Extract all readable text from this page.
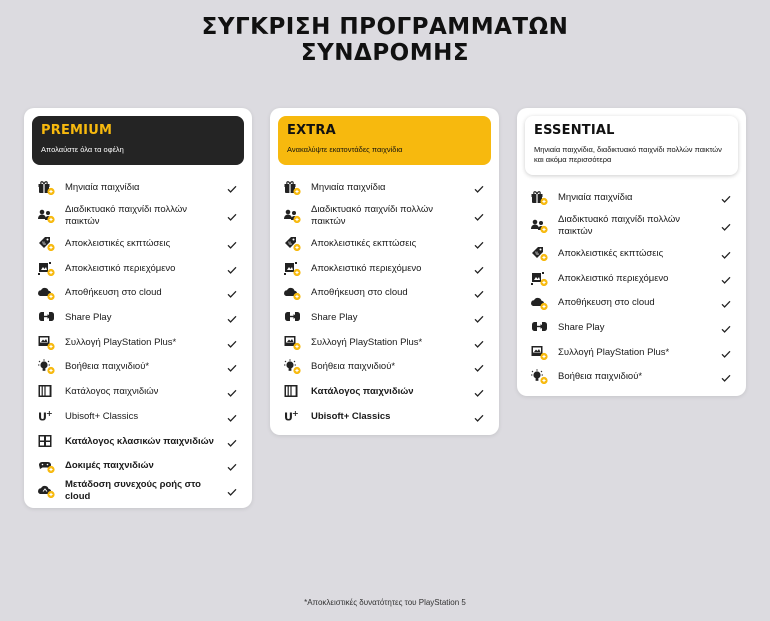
ΣΥΓΚΡΙΣΗ ΠΡΟΓΡΑΜΜΑΤΩΝ
ΣΥΝΔΡΟΜΗΣ
PREMIUM
Απολαύστε όλα τα οφέλη
Μηνιαία παιχνίδια
Διαδικτυακό παιχνίδι πολλών παικτών
% Αποκλειστικές εκπτώσεις
Αποκλειστικό περιεχόμενο
Αποθήκευση στο cloud
Share Play
Συλλογή PlayStation Plus*
Βοήθεια παιχνιδιού*
Κατάλογος παιχνιδιών
U + Ubisoft+ Classics
Κατάλογος κλασικών παιχνιδιών
Δοκιμές παιχνιδιών
Μετάδοση συνεχούς ροής στο cloud
EXTRA
Ανακαλύψτε εκατοντάδες παιχνίδια
Μηνιαία παιχνίδια
Διαδικτυακό παιχνίδι πολλών παικτών
% Αποκλειστικές εκπτώσεις
Αποκλειστικό περιεχόμενο
Αποθήκευση στο cloud
Share Play
Συλλογή PlayStation Plus*
Βοήθεια παιχνιδιού*
Κατάλογος παιχνιδιών
U + Ubisoft+ Classics
ESSENTIAL
Μηνιαία παιχνίδια, διαδικτυακό παιχνίδι πολλών παικτών και ακόμα περισσότερα
Μηνιαία παιχνίδια
Διαδικτυακό παιχνίδι πολλών παικτών
% Αποκλειστικές εκπτώσεις
Αποκλειστικό περιεχόμενο
Αποθήκευση στο cloud
Share Play
Συλλογή PlayStation Plus*
Βοήθεια παιχνιδιού*
*Αποκλειστικές δυνατότητες του PlayStation 5
